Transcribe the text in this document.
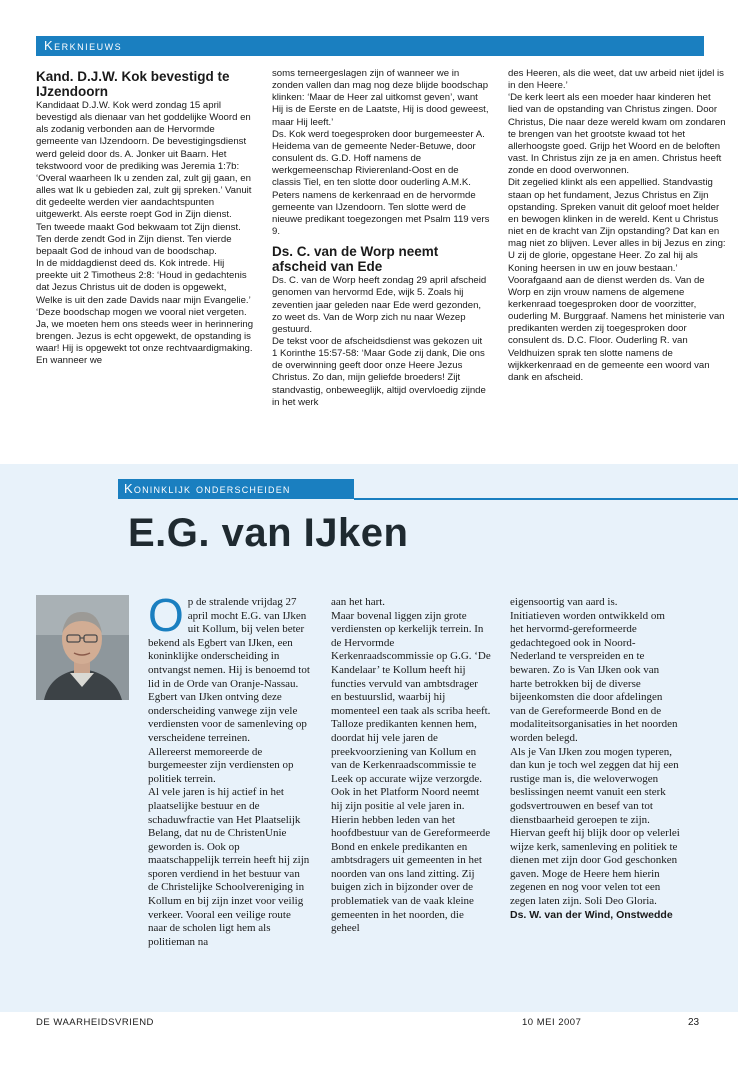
Kerknieuws
Kand. D.J.W. Kok bevestigd te IJzendoorn

Kandidaat D.J.W. Kok werd zondag 15 april bevestigd als dienaar van het goddelijke Woord en als zodanig verbonden aan de Hervormde gemeente van IJzendoorn. De bevestigingsdienst werd geleid door ds. A. Jonker uit Baarn. Het tekstwoord voor de prediking was Jeremia 1:7b: ‘Overal waarheen Ik u zenden zal, zult gij gaan, en alles wat Ik u gebieden zal, zult gij spreken.’ Vanuit dit gedeelte werden vier aandachtspunten uitgewerkt. Als eerste roept God in Zijn dienst.

Ten tweede maakt God bekwaam tot Zijn dienst. Ten derde zendt God in Zijn dienst. Ten vierde bepaalt God de inhoud van de boodschap.

In de middagdienst deed ds. Kok intrede. Hij preekte uit 2 Timotheus 2:8: ‘Houd in gedachtenis dat Jezus Christus uit de doden is opgewekt, Welke is uit den zade Davids naar mijn Evangelie.’

‘Deze boodschap mogen we vooral niet vergeten. Ja, we moeten hem ons steeds weer in herinnering brengen. Jezus is echt opgewekt, de opstanding is waar! Hij is opgewekt tot onze rechtvaardigmaking. En wanneer we

soms terneergeslagen zijn of wanneer we in zonden vallen dan mag nog deze blijde boodschap klinken: ‘Maar de Heer zal uitkomst geven’, want Hij is de Eerste en de Laatste, Hij is dood geweest, maar Hij leeft.’

Ds. Kok werd toegesproken door burgemeester A. Heidema van de gemeente Neder-Betuwe, door consulent ds. G.D. Hoff namens de werkgemeenschap Rivierenland-Oost en de classis Tiel, en ten slotte door ouderling A.M.K. Peters namens de kerkenraad en de hervormde gemeente van IJzendoorn. Ten slotte werd de nieuwe predikant toegezongen met Psalm 119 vers 9.

Ds. C. van de Worp neemt afscheid van Ede

Ds. C. van de Worp heeft zondag 29 april afscheid genomen van hervormd Ede, wijk 5. Zoals hij zeventien jaar geleden naar Ede werd gezonden, zo weet ds. Van de Worp zich nu naar Wezep gestuurd.

De tekst voor de afscheidsdienst was gekozen uit 1 Korinthe 15:57-58: ‘Maar Gode zij dank, Die ons de overwinning geeft door onze Heere Jezus Christus. Zo dan, mijn geliefde broeders! Zijt standvastig, onbeweeglijk, altijd overvloedig zijnde in het werk

des Heeren, als die weet, dat uw arbeid niet ijdel is in den Heere.’

‘De kerk leert als een moeder haar kinderen het lied van de opstanding van Christus zingen. Door Christus, Die naar deze wereld kwam om zondaren te brengen van het grootste kwaad tot het allerhoogste goed. Grijp het Woord en de beloften vast. In Christus zijn ze ja en amen. Christus heeft zonde en dood overwonnen.

Dit zegelied klinkt als een appellied. Standvastig staan op het fundament, Jezus Christus en Zijn opstanding. Spreken vanuit dit geloof moet helder en bewogen klinken in de wereld. Kent u Christus niet en de kracht van Zijn opstanding? Dat kan en mag niet zo blijven. Lever alles in bij Jezus en zing: U zij de glorie, opgestane Heer. Zo zal hij als Koning heersen in uw en jouw bestaan.’

Voorafgaand aan de dienst werden ds. Van de Worp en zijn vrouw namens de algemene kerkenraad toegesproken door de voorzitter, ouderling M. Burggraaf. Namens het ministerie van predikanten werden zij toegesproken door consulent ds. D.C. Floor. Ouderling R. van Veldhuizen sprak ten slotte namens de wijkkerkenraad en de gemeente een woord van dank en afscheid.

Koninklijk onderscheiden
E.G. van IJken

Op de stralende vrijdag 27 april mocht E.G. van IJken uit Kollum, bij velen beter bekend als Egbert van IJken, een koninklijke onderscheiding in ontvangst nemen. Hij is benoemd tot lid in de Orde van Oranje-Nassau. Egbert van IJken ontving deze onderscheiding vanwege zijn vele verdiensten voor de samenleving op verscheidene terreinen.

Allereerst memoreerde de burgemeester zijn verdiensten op politiek terrein.

Al vele jaren is hij actief in het plaatselijke bestuur en de schaduwfractie van Het Plaatselijk Belang, dat nu de ChristenUnie geworden is. Ook op maatschappelijk terrein heeft hij zijn sporen verdiend in het bestuur van de Christelijke Schoolvereniging in Kollum en bij zijn inzet voor veilig verkeer. Vooral een veilige route naar de scholen ligt hem als politieman na

aan het hart.

Maar bovenal liggen zijn grote verdiensten op kerkelijk terrein. In de Hervormde Kerkenraadscommissie op G.G. ‘De Kandelaar’ te Kollum heeft hij functies vervuld van ambtsdrager en bestuurslid, waarbij hij momenteel een taak als scriba heeft.

Talloze predikanten kennen hem, doordat hij vele jaren de preekvoorziening van Kollum en van de Kerkenraadscommissie te Leek op accurate wijze verzorgde. Ook in het Platform Noord neemt hij zijn positie al vele jaren in. Hierin hebben leden van het hoofdbestuur van de Gereformeerde Bond en enkele predikanten en ambtsdragers uit gemeenten in het noorden van ons land zitting. Zij buigen zich in bijzonder over de problematiek van de vaak kleine gemeenten in het noorden, die geheel

eigensoortig van aard is.

Initiatieven worden ontwikkeld om het hervormd-gereformeerde gedachtegoed ook in Noord-Nederland te verspreiden en te bewaren. Zo is Van IJken ook van harte betrokken bij de diverse bijeenkomsten die door afdelingen van de Gereformeerde Bond en de modaliteitsorganisaties in het noorden worden belegd.

Als je Van IJken zou mogen typeren, dan kun je toch wel zeggen dat hij een rustige man is, die weloverwogen beslissingen neemt vanuit een sterk godsvertrouwen en besef van tot dienstbaarheid geroepen te zijn. Hiervan geeft hij blijk door op velerlei wijze kerk, samenleving en politiek te dienen met zijn door God geschonken gaven. Moge de Heere hem hierin zegenen en nog voor velen tot een zegen laten zijn. Soli Deo Gloria.

Ds. W. van der Wind, Onstwedde

DE WAARHEIDSVRIEND	10 MEI 2007	23
